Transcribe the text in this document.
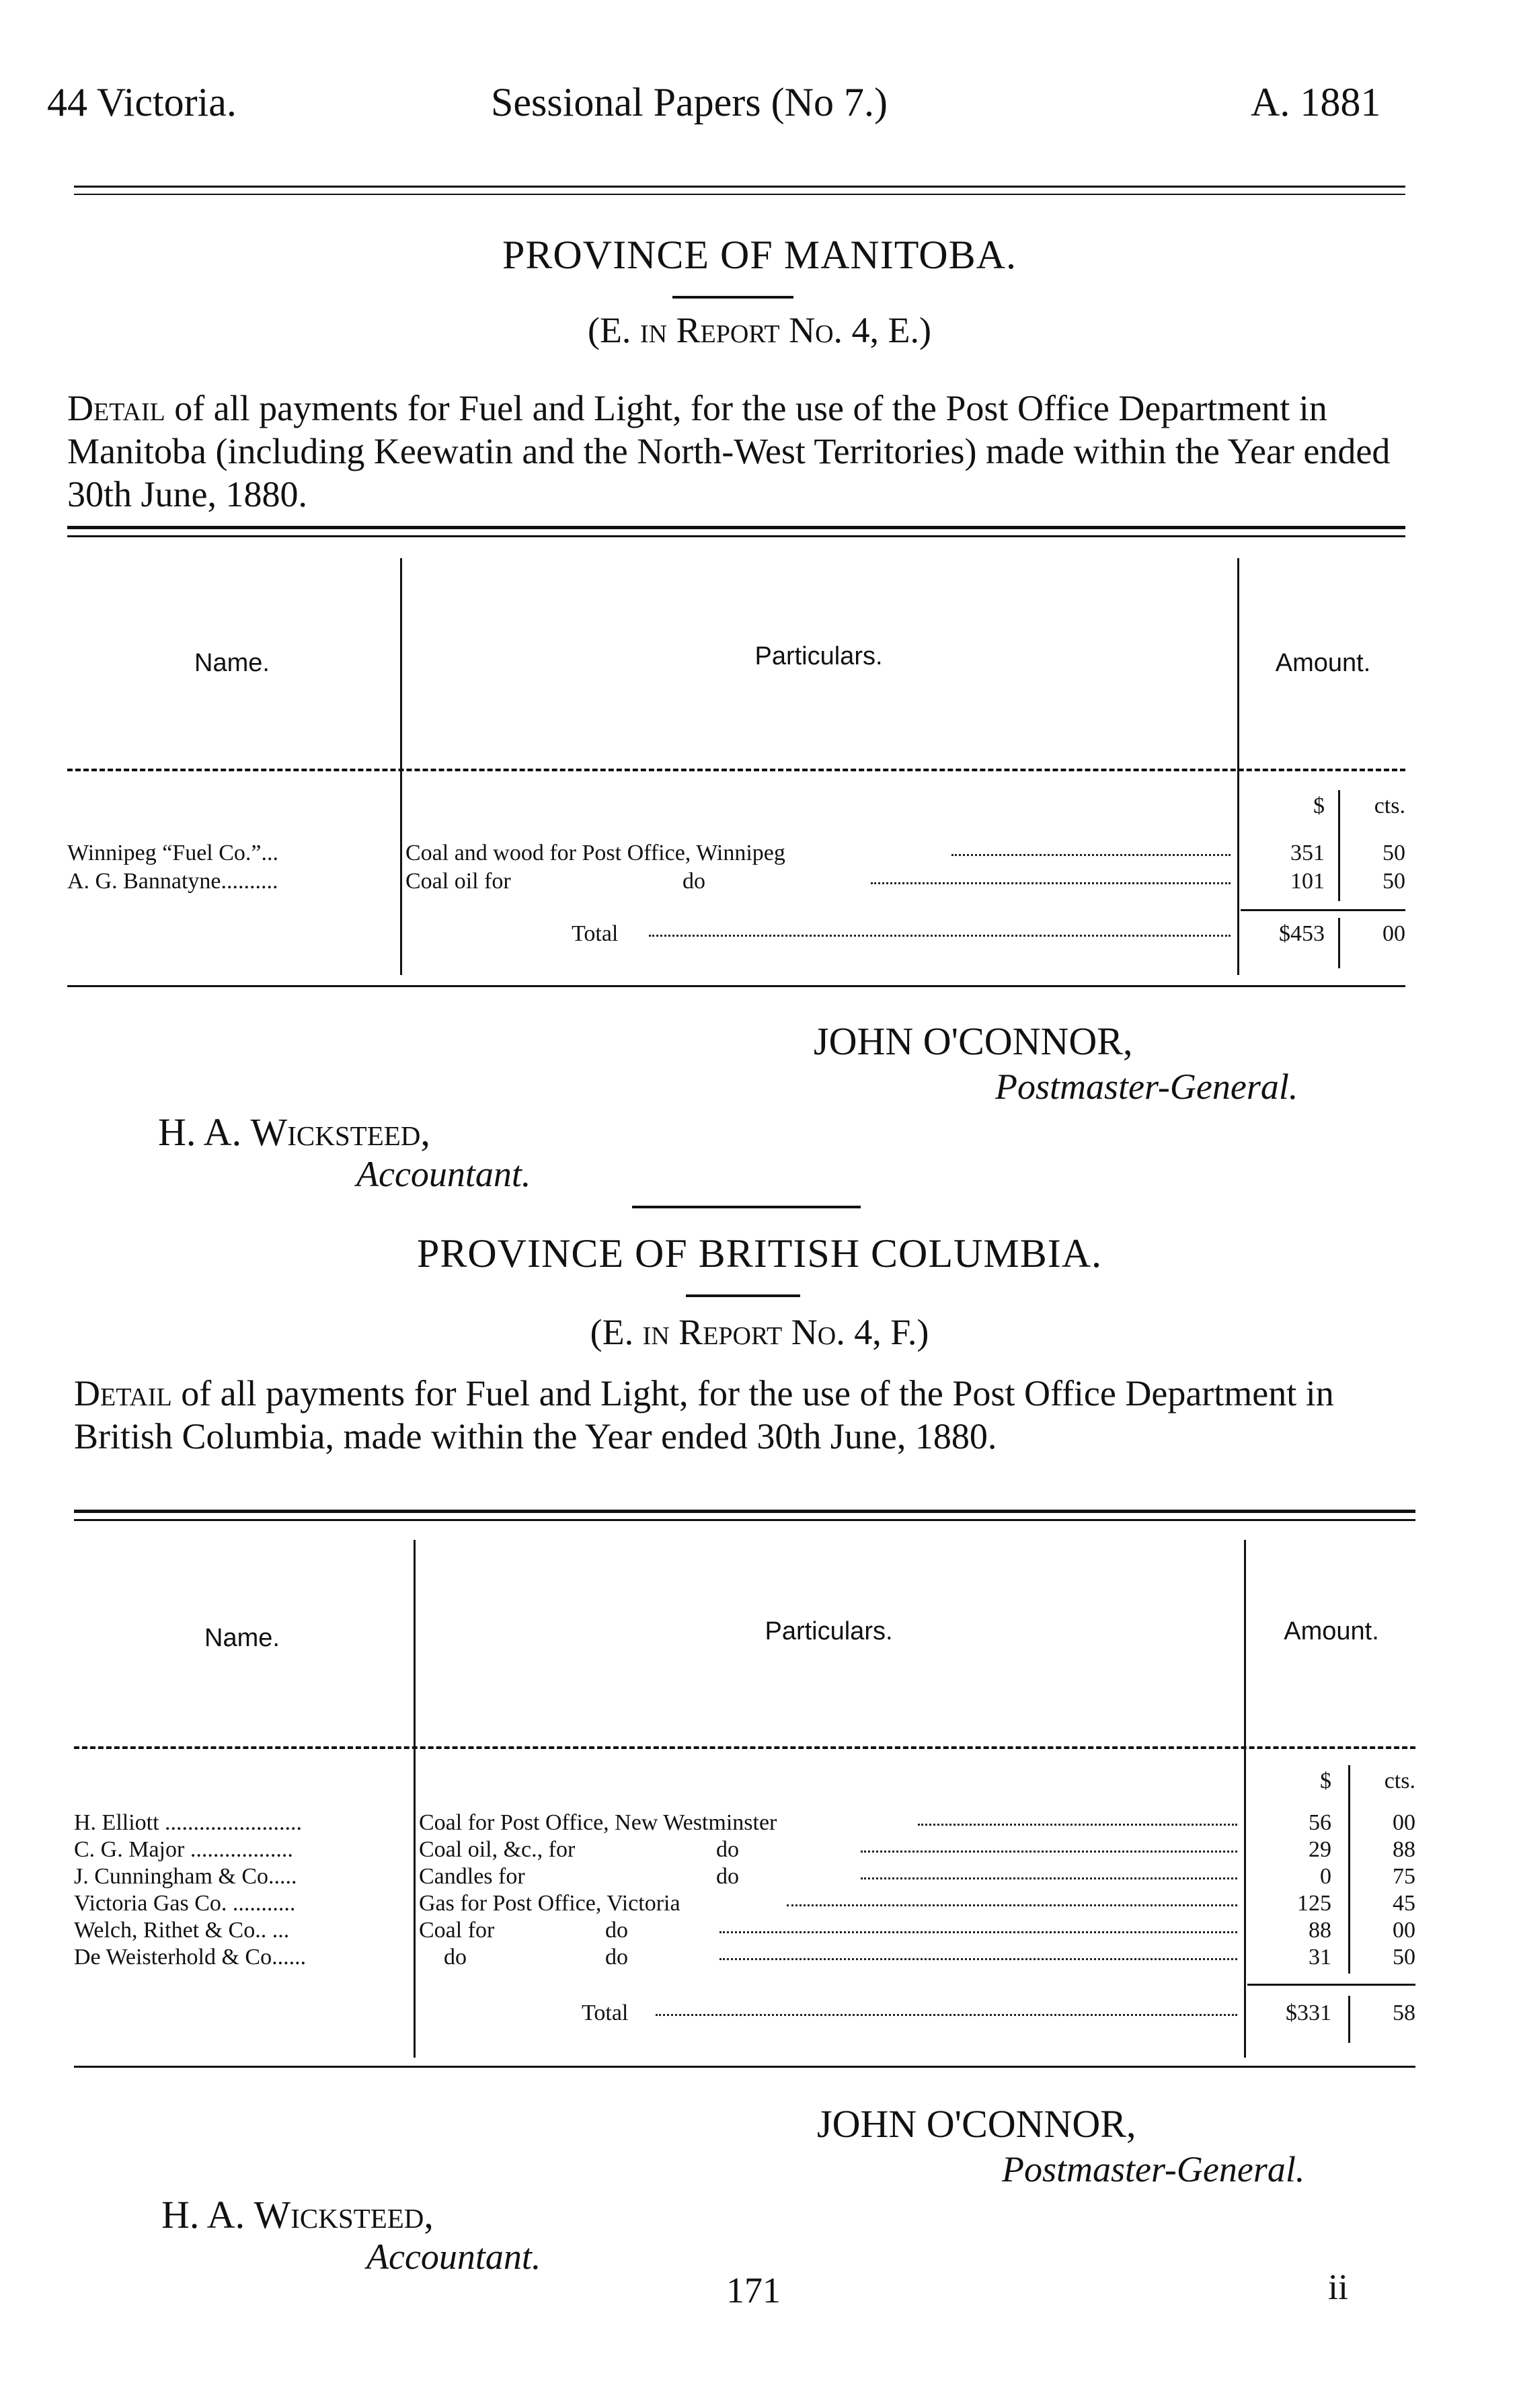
44 Victoria.	Sessional Papers (No 7.)	A. 1881
PROVINCE OF MANITOBA.
(E. in Report No. 4, E.)
Detail of all payments for Fuel and Light, for the use of the Post Office Department in Manitoba (including Keewatin and the North-West Territories) made within the Year ended 30th June, 1880.
Name.	Particulars.	Amount.
$	cts.
Winnipeg “Fuel Co.”...	Coal and wood for Post Office, Winnipeg	351	50
A. G. Bannatyne..........	Coal oil for	do	101	50
Total	$453	00
JOHN O'CONNOR,
Postmaster-General.
H. A. Wicksteed,
Accountant.
PROVINCE OF BRITISH COLUMBIA.
(E. in Report No. 4, F.)
Detail of all payments for Fuel and Light, for the use of the Post Office Department in British Columbia, made within the Year ended 30th June, 1880.
Name.	Particulars.	Amount.
$	cts.
H. Elliott ........................	Coal for Post Office, New Westminster	56	00
C. G. Major ..................	Coal oil, &c., for	do	29	88
J. Cunningham & Co.....	Candles for	do	0	75
Victoria Gas Co. ...........	Gas for Post Office, Victoria	125	45
Welch, Rithet & Co.. ...	Coal for	do	88	00
De Weisterhold & Co......	do	do	31	50
Total	$331	58
JOHN O'CONNOR,
Postmaster-General.
H. A. Wicksteed,
Accountant.
171	ii
